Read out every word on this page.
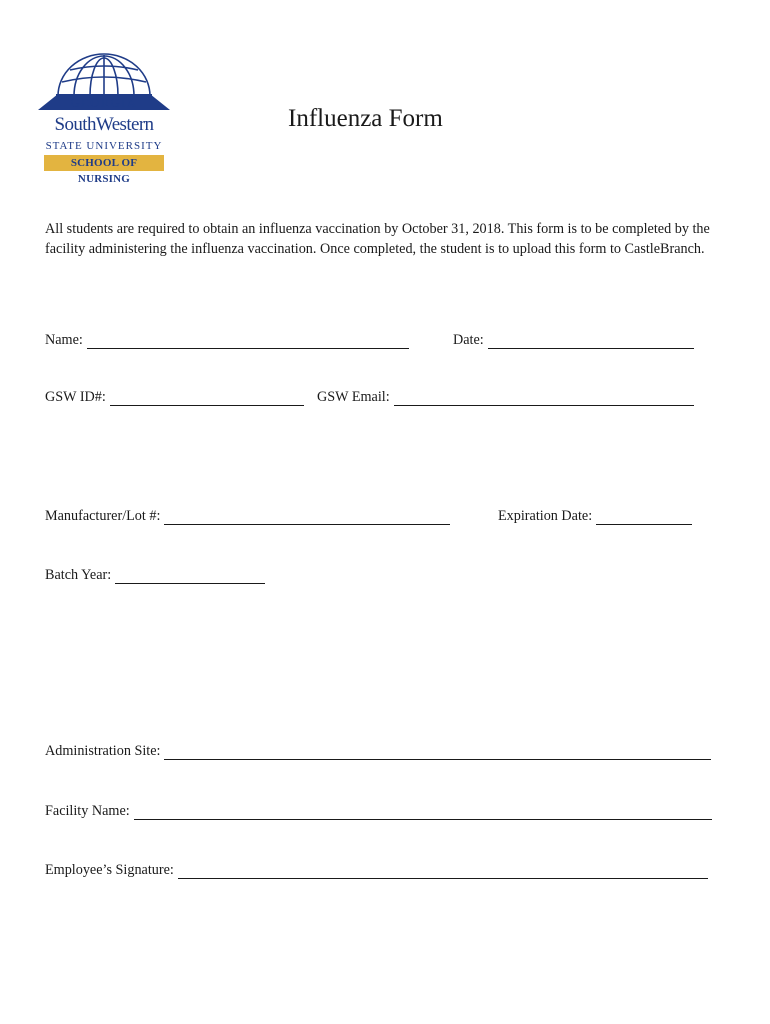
GEORGIA
SouthWestern
STATE UNIVERSITY
SCHOOL OF NURSING
Influenza Form
All students are required to obtain an influenza vaccination by October 31, 2018. This form is to be completed by the facility administering the influenza vaccination. Once completed, the student is to upload this form to CastleBranch.
Name:	Date:
GSW ID#:	GSW Email:
Manufacturer/Lot #:	Expiration Date:
Batch Year:
Administration Site:
Facility Name:
Employee’s Signature:
